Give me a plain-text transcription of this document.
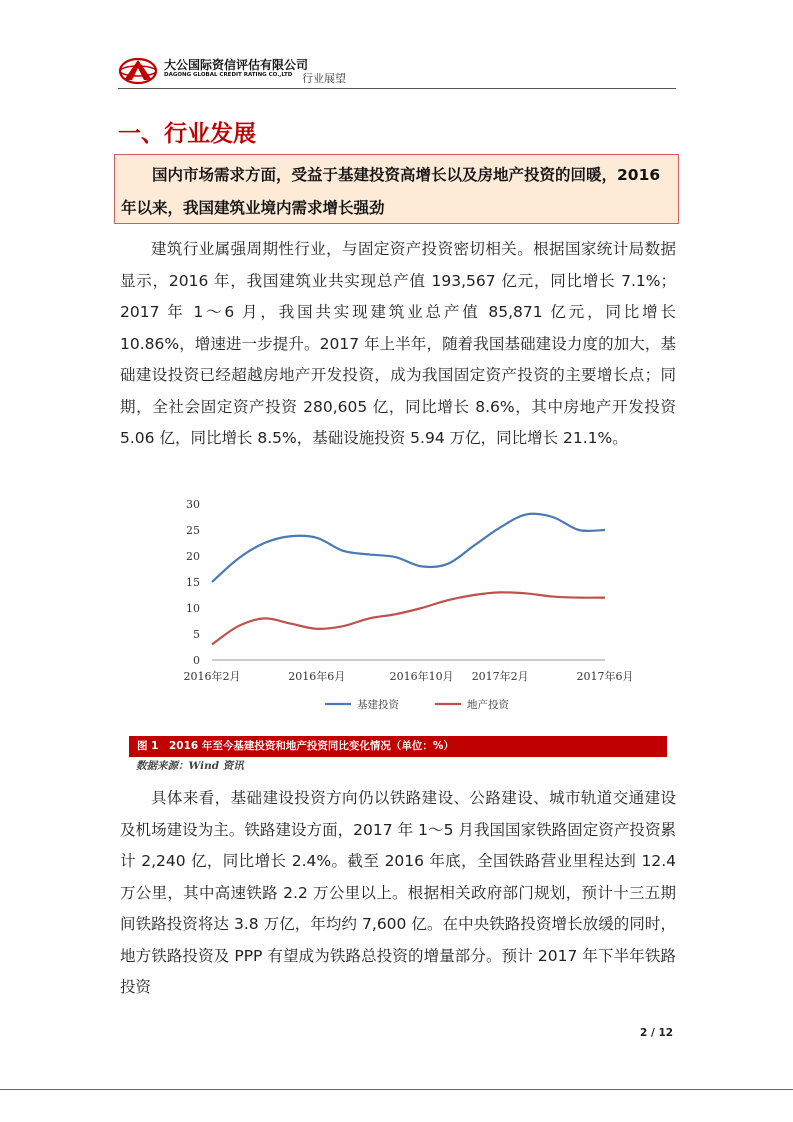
大公国际资信评估有限公司
DAGONG GLOBAL CREDIT RATING CO.,LTD 行业展望
一、行业发展

国内市场需求方面，受益于基建投资高增长以及房地产投资的回暖，2016年以来，我国建筑业境内需求增长强劲

建筑行业属强周期性行业，与固定资产投资密切相关。根据国家统计局数据显示，2016 年，我国建筑业共实现总产值 193,567 亿元，同比增长 7.1%；2017 年 1～6 月，我国共实现建筑业总产值 85,871 亿元，同比增长 10.86%，增速进一步提升。2017 年上半年，随着我国基础建设力度的加大，基础建设投资已经超越房地产开发投资，成为我国固定资产投资的主要增长点；同期，全社会固定资产投资 280,605 亿，同比增长 8.6%，其中房地产开发投资 5.06 亿，同比增长 8.5%，基础设施投资 5.94 万亿，同比增长 21.1%。

0
5
10
15
20
25
30
2016年2月	2016年6月	2016年10月 2017年2月	2017年6月
基建投资	地产投资
图 1　2016 年至今基建投资和地产投资同比变化情况（单位：%）
数据来源：Wind 资讯

具体来看，基础建设投资方向仍以铁路建设、公路建设、城市轨道交通建设及机场建设为主。铁路建设方面，2017 年 1～5 月我国国家铁路固定资产投资累计 2,240 亿，同比增长 2.4%。截至 2016 年底，全国铁路营业里程达到 12.4 万公里，其中高速铁路 2.2 万公里以上。根据相关政府部门规划，预计十三五期间铁路投资将达 3.8 万亿，年均约 7,600 亿。在中央铁路投资增长放缓的同时，地方铁路投资及 PPP 有望成为铁路总投资的增量部分。预计 2017 年下半年铁路投资

2 / 12
